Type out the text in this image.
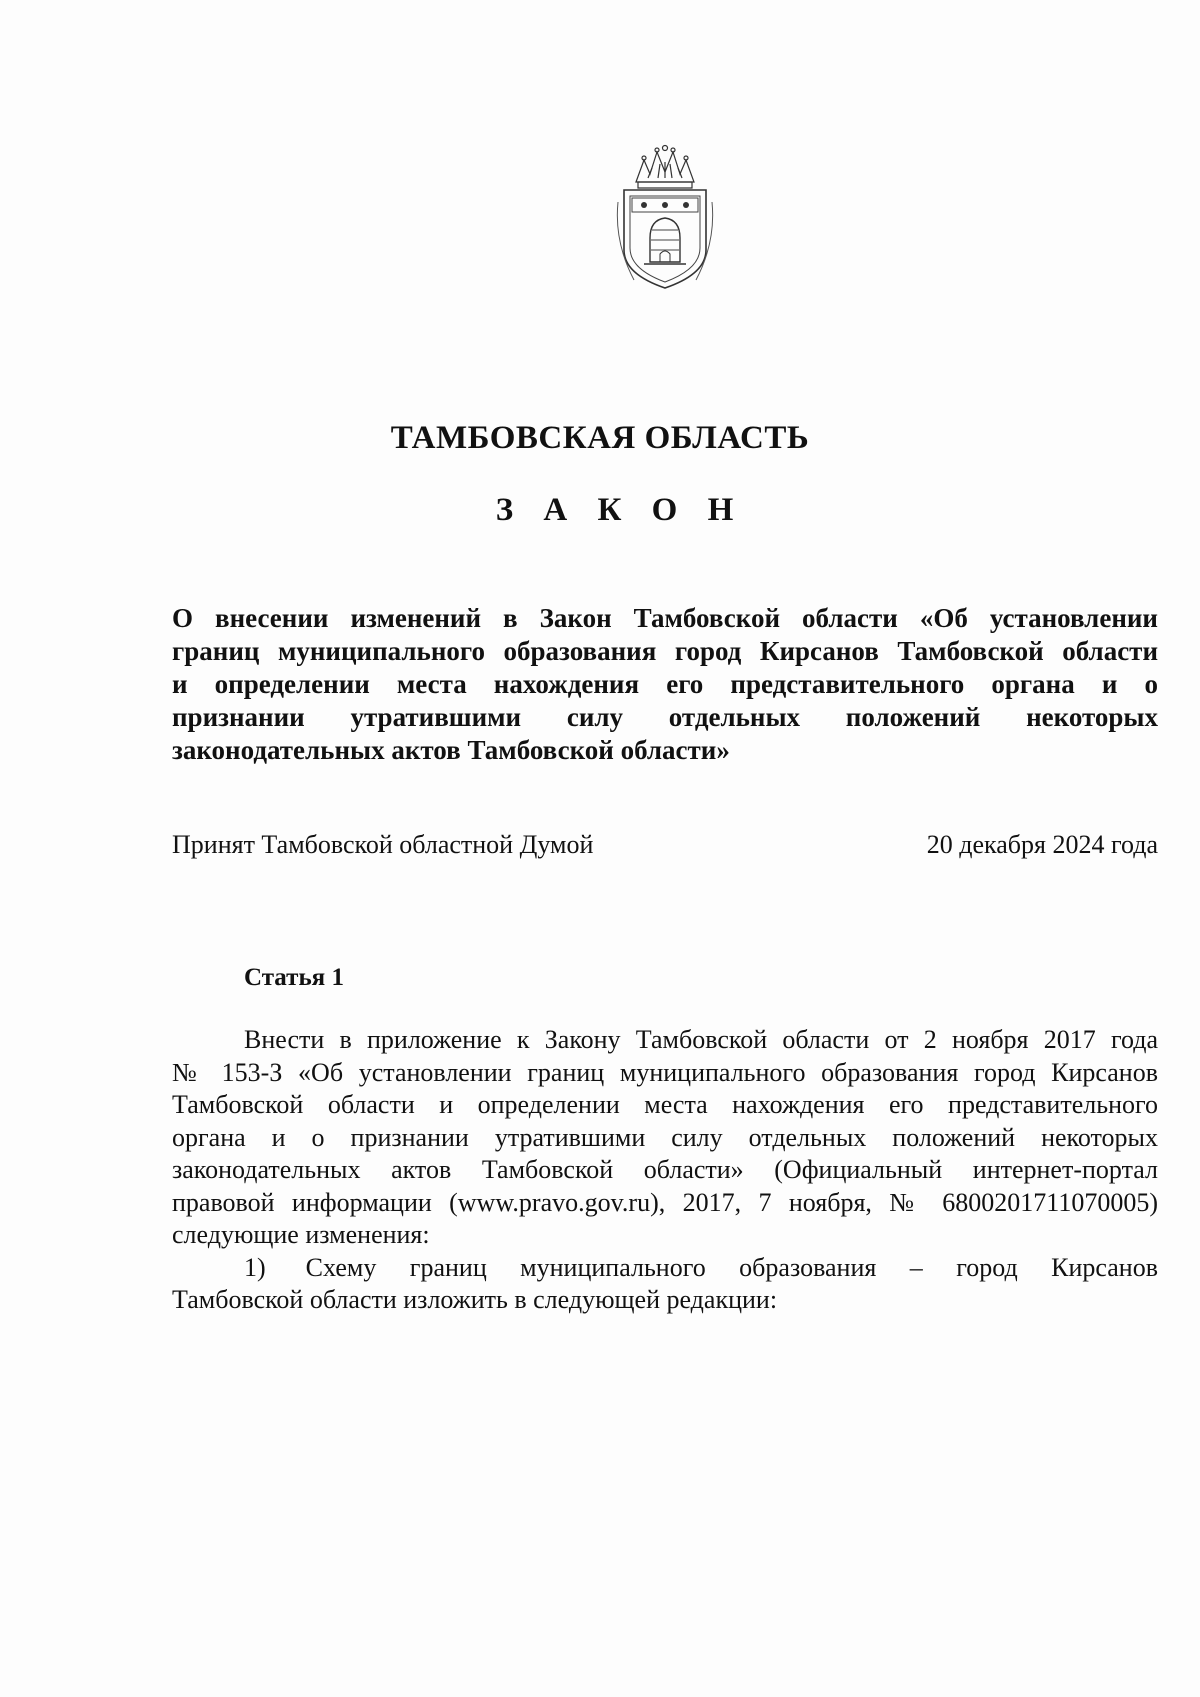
ТАМБОВСКАЯ ОБЛАСТЬ
З А К О Н
О внесении изменений в Закон Тамбовской области «Об установлении
границ муниципального образования город Кирсанов Тамбовской области
и определении места нахождения его представительного органа и о
признании утратившими силу отдельных положений некоторых
законодательных актов Тамбовской области»
Принят Тамбовской областной Думой	20 декабря 2024 года
Статья 1
Внести в приложение к Закону Тамбовской области от 2 ноября 2017 года
№ 153-З «Об установлении границ муниципального образования город Кирсанов
Тамбовской области и определении места нахождения его представительного
органа и о признании утратившими силу отдельных положений некоторых
законодательных актов Тамбовской области» (Официальный интернет-портал
правовой информации (www.pravo.gov.ru), 2017, 7 ноября, № 6800201711070005)
следующие изменения:
1) Схему границ муниципального образования – город Кирсанов
Тамбовской области изложить в следующей редакции:
